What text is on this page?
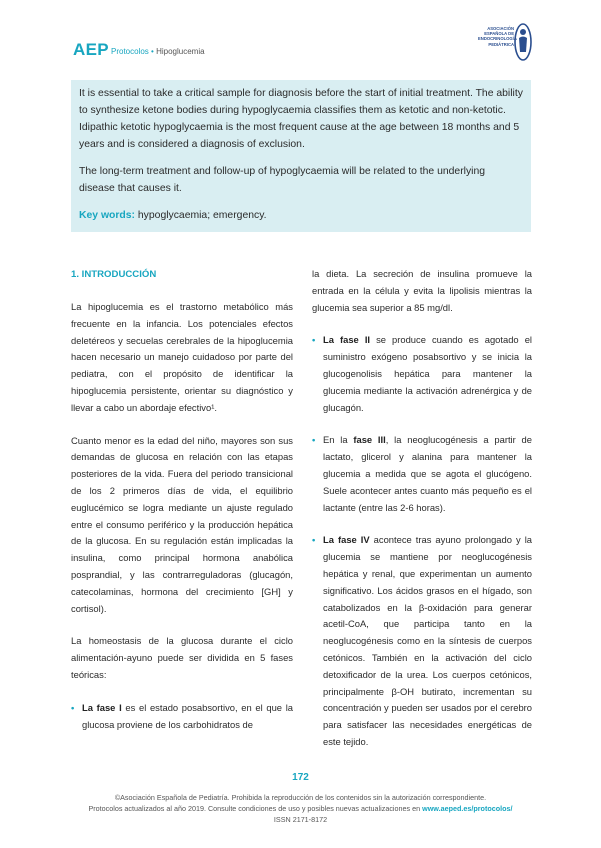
AEP Protocolos • Hipoglucemia
ASOCIACIÓN ESPAÑOLA DE ENDOCRINOLOGÍA PEDIÁTRICA

It is essential to take a critical sample for diagnosis before the start of initial treatment. The ability to synthesize ketone bodies during hypoglycaemia classifies them as ketotic and non-ketotic. Idipathic ketotic hypoglycaemia is the most frequent cause at the age between 18 months and 5 years and is considered a diagnosis of exclusion.

The long-term treatment and follow-up of hypoglycaemia will be related to the underlying disease that causes it.

Key words: hypoglycaemia; emergency.

1. INTRODUCCIÓN

La hipoglucemia es el trastorno metabólico más frecuente en la infancia. Los potenciales efectos deletéreos y secuelas cerebrales de la hipoglucemia hacen necesario un manejo cuidadoso por parte del pediatra, con el propósito de identificar la hipoglucemia persistente, orientar su diagnóstico y llevar a cabo un abordaje efectivo¹.

Cuanto menor es la edad del niño, mayores son sus demandas de glucosa en relación con las etapas posteriores de la vida. Fuera del periodo transicional de los 2 primeros días de vida, el equilibrio euglucémico se logra mediante un ajuste regulado entre el consumo periférico y la producción hepática de la glucosa. En su regulación están implicadas la insulina, como principal hormona anabólica posprandial, y las contrarreguladoras (glucagón, catecolaminas, hormona del crecimiento [GH] y cortisol).

La homeostasis de la glucosa durante el ciclo alimentación-ayuno puede ser dividida en 5 fases teóricas:

• La fase I es el estado posabsortivo, en el que la glucosa proviene de los carbohidratos de
la dieta. La secreción de insulina promueve la entrada en la célula y evita la lipolisis mientras la glucemia sea superior a 85 mg/dl.
• La fase II se produce cuando es agotado el suministro exógeno posabsortivo y se inicia la glucogenolisis hepática para mantener la glucemia mediante la activación adrenérgica y de glucagón.
• En la fase III, la neoglucogénesis a partir de lactato, glicerol y alanina para mantener la glucemia a medida que se agota el glucógeno. Suele acontecer antes cuanto más pequeño es el lactante (entre las 2-6 horas).
• La fase IV acontece tras ayuno prolongado y la glucemia se mantiene por neoglucogénesis hepática y renal, que experimentan un aumento significativo. Los ácidos grasos en el hígado, son catabolizados en la β-oxidación para generar acetil-CoA, que participa tanto en la neoglucogénesis como en la síntesis de cuerpos cetónicos. También en la activación del ciclo detoxificador de la urea. Los cuerpos cetónicos, principalmente β-OH butirato, incrementan su concentración y pueden ser usados por el cerebro para satisfacer las necesidades energéticas de este tejido.
172
©Asociación Española de Pediatría. Prohibida la reproducción de los contenidos sin la autorización correspondiente.
Protocolos actualizados al año 2019. Consulte condiciones de uso y posibles nuevas actualizaciones en www.aeped.es/protocolos/
ISSN 2171-8172
